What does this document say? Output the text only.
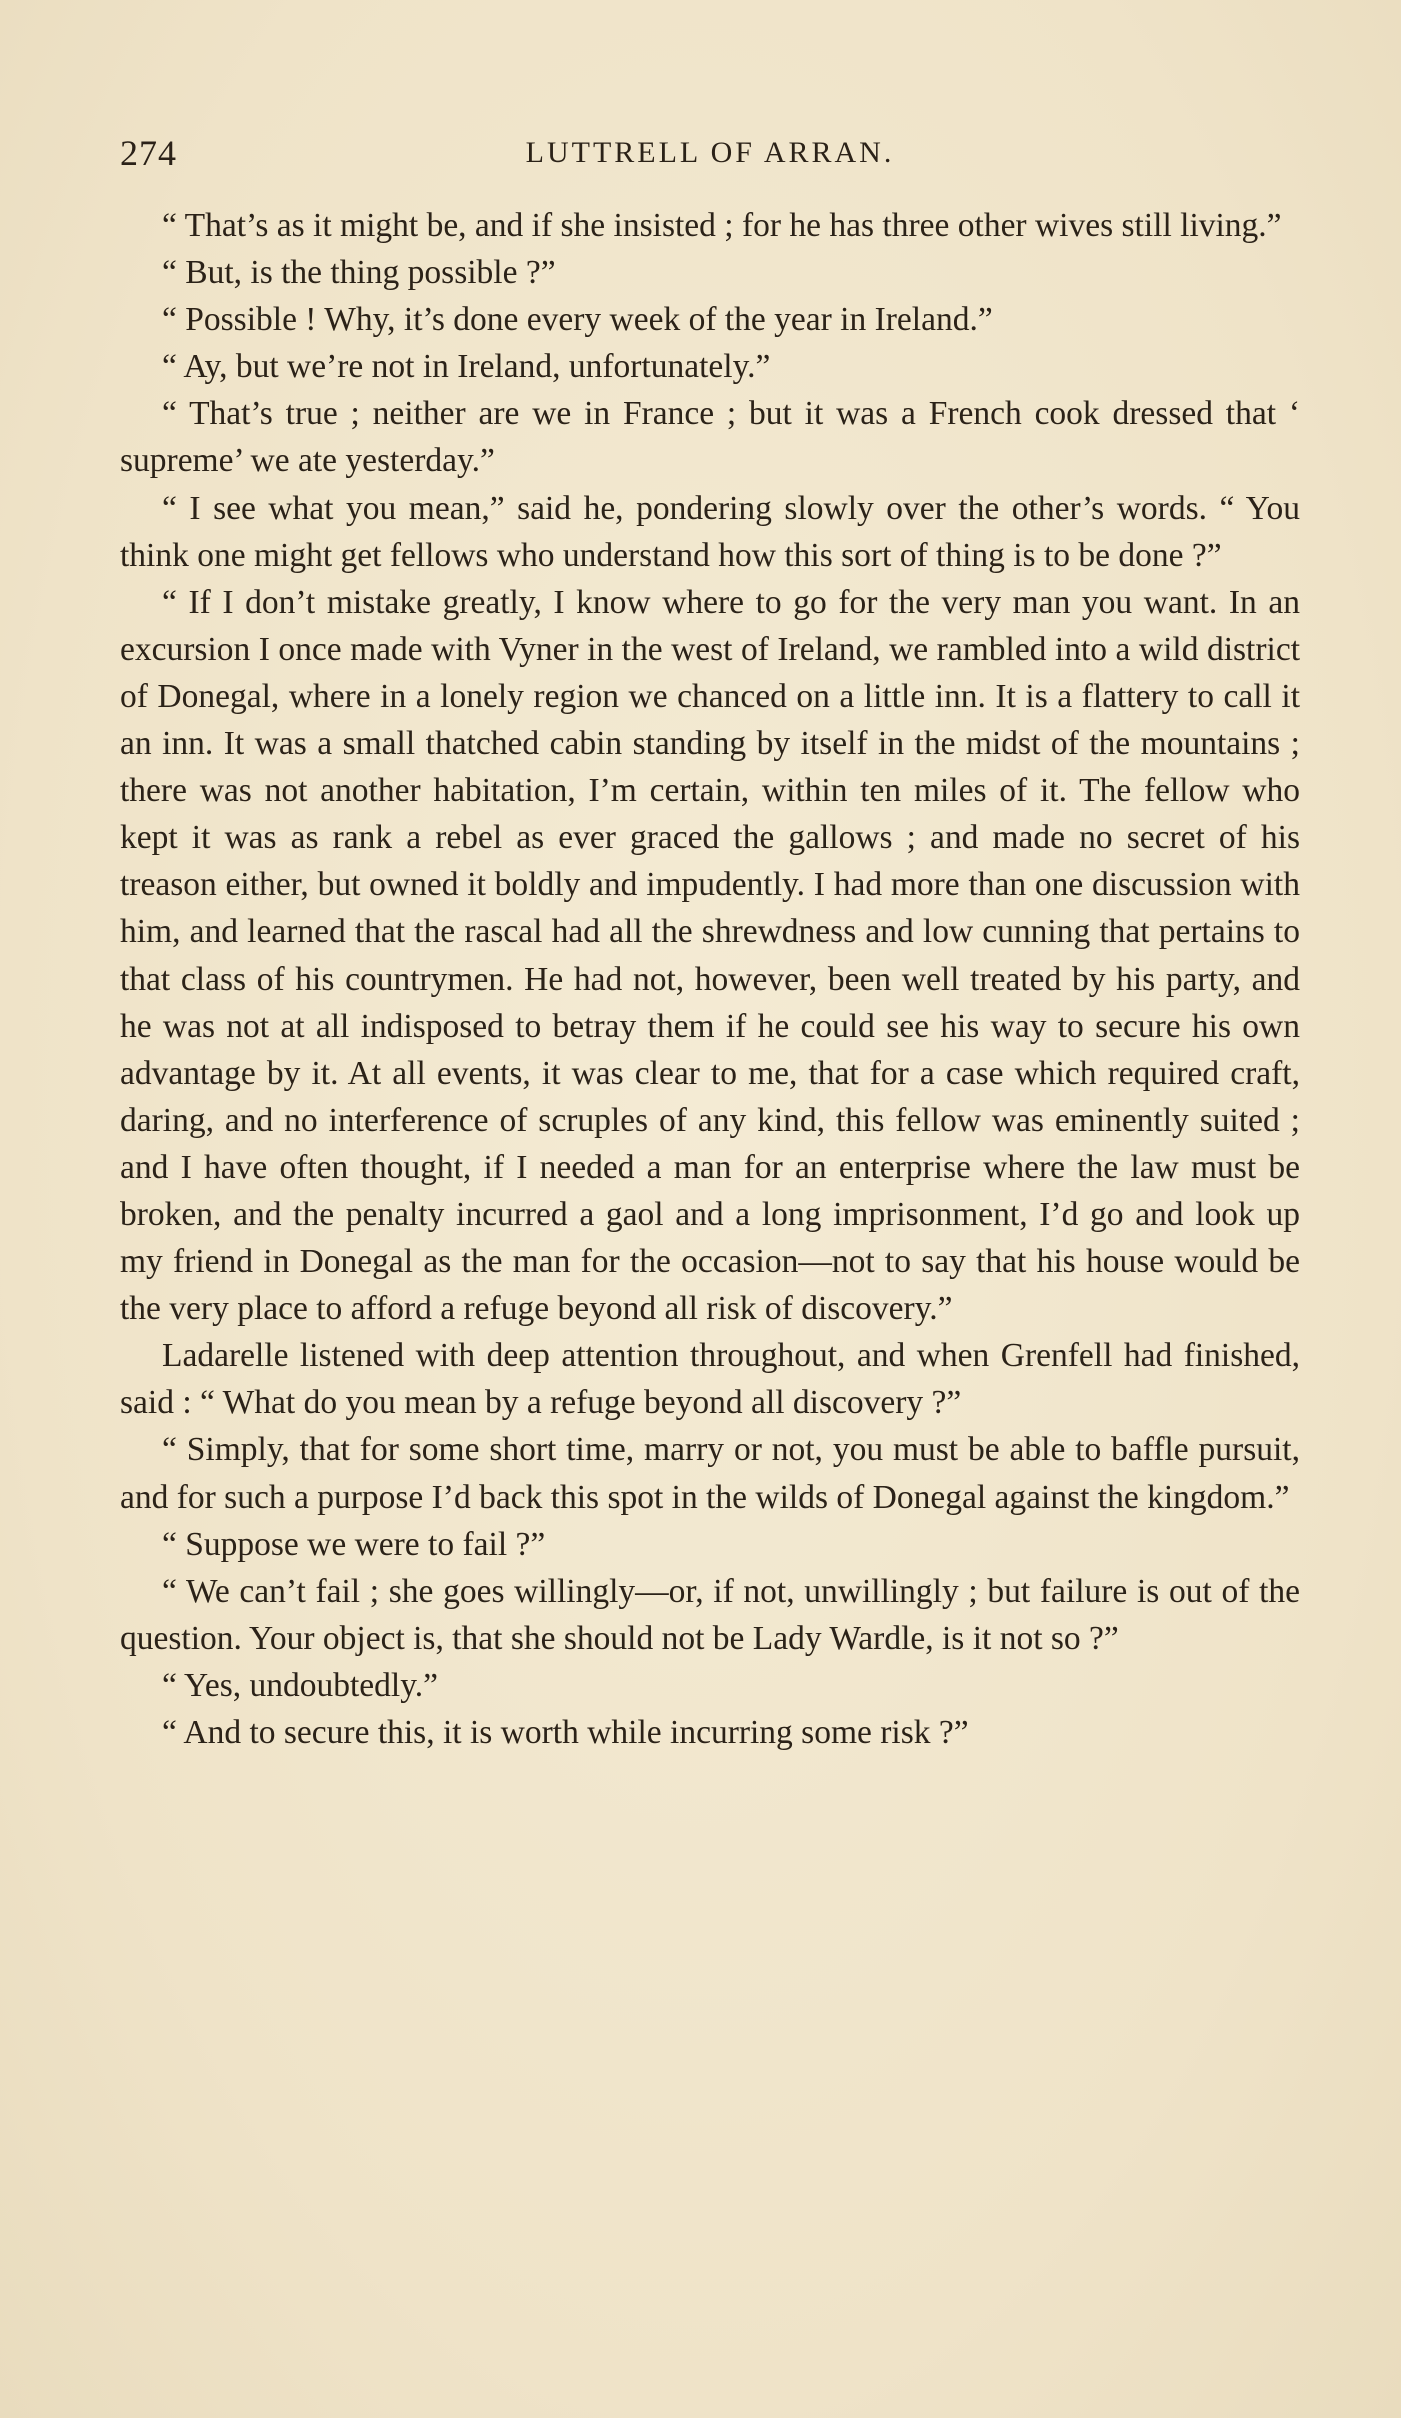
274	LUTTRELL OF ARRAN.

“ That’s as it might be, and if she insisted ; for he has three other wives still living.”

“ But, is the thing possible ?”

“ Possible ! Why, it’s done every week of the year in Ireland.”

“ Ay, but we’re not in Ireland, unfortunately.”

“ That’s true ; neither are we in France ; but it was a French cook dressed that ‘ supreme’ we ate yesterday.”

“ I see what you mean,” said he, pondering slowly over the other’s words. “ You think one might get fellows who understand how this sort of thing is to be done ?”

“ If I don’t mistake greatly, I know where to go for the very man you want. In an excursion I once made with Vyner in the west of Ireland, we rambled into a wild district of Donegal, where in a lonely region we chanced on a little inn. It is a flattery to call it an inn. It was a small thatched cabin standing by itself in the midst of the mountains ; there was not another habitation, I’m certain, within ten miles of it. The fellow who kept it was as rank a rebel as ever graced the gallows ; and made no secret of his treason either, but owned it boldly and impudently. I had more than one discussion with him, and learned that the rascal had all the shrewdness and low cunning that pertains to that class of his countrymen. He had not, however, been well treated by his party, and he was not at all indisposed to betray them if he could see his way to secure his own advantage by it. At all events, it was clear to me, that for a case which required craft, daring, and no interference of scruples of any kind, this fellow was eminently suited ; and I have often thought, if I needed a man for an enterprise where the law must be broken, and the penalty incurred a gaol and a long imprisonment, I’d go and look up my friend in Donegal as the man for the occasion—not to say that his house would be the very place to afford a refuge beyond all risk of discovery.”

Ladarelle listened with deep attention throughout, and when Grenfell had finished, said : “ What do you mean by a refuge beyond all discovery ?”

“ Simply, that for some short time, marry or not, you must be able to baffle pursuit, and for such a purpose I’d back this spot in the wilds of Donegal against the kingdom.”

“ Suppose we were to fail ?”

“ We can’t fail ; she goes willingly—or, if not, unwillingly ; but failure is out of the question. Your object is, that she should not be Lady Wardle, is it not so ?”

“ Yes, undoubtedly.”

“ And to secure this, it is worth while incurring some risk ?”
